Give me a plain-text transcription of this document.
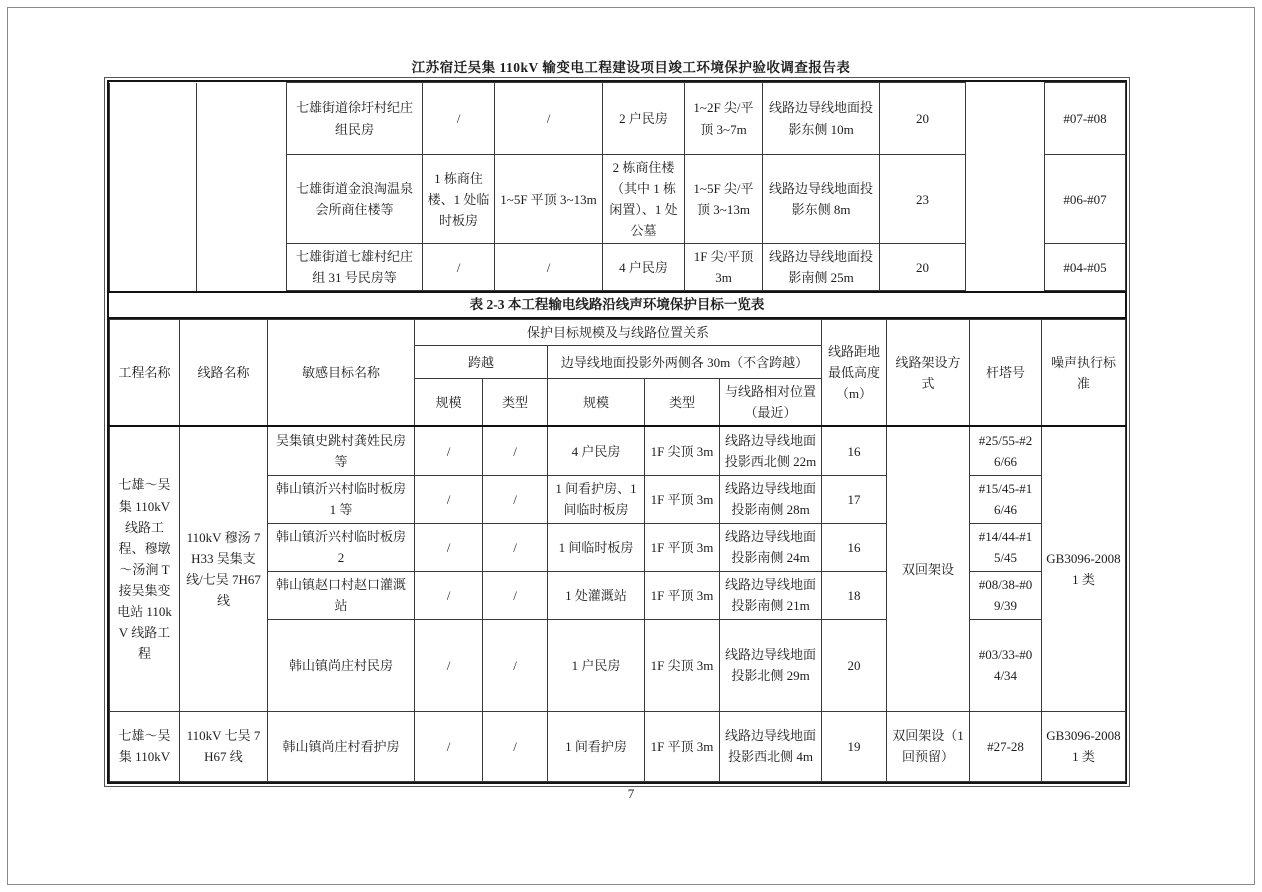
江苏宿迁吴集 110kV 输变电工程建设项目竣工环境保护验收调查报告表
		七雄街道徐圩村纪庄组民房	/	/	2 户民房	1~2F 尖/平顶 3~7m	线路边导线地面投影东侧 10m	20		#07-#08
		七雄街道金浪淘温泉会所商住楼等	1 栋商住楼、1 处临时板房	1~5F 平顶 3~13m	2 栋商住楼（其中 1 栋闲置）、1 处公墓	1~5F 尖/平顶 3~13m	线路边导线地面投影东侧 8m	23		#06-#07
		七雄街道七雄村纪庄组 31 号民房等	/	/	4 户民房	1F 尖/平顶 3m	线路边导线地面投影南侧 25m	20		#04-#05
表 2-3 本工程输电线路沿线声环境保护目标一览表
工程名称	线路名称	敏感目标名称	保护目标规模及与线路位置关系					线路距地最低高度（m）	线路架设方式	杆塔号	噪声执行标准
			跨越		边导线地面投影外两侧各 30m（不含跨越）						
			规模	类型	规模	类型	与线路相对位置（最近）				
七雄～吴集 110kV 线路工程、穆墩～汤涧 T 接吴集变电站 110kV 线路工程	110kV 穆汤 7H33 吴集支线/七吴 7H67 线	吴集镇史跳村龚姓民房等	/	/	4 户民房	1F 尖顶 3m	线路边导线地面投影西北侧 22m	16	双回架设	#25/55-#26/66	GB3096-2008 1 类
		韩山镇沂兴村临时板房 1 等	/	/	1 间看护房、1 间临时板房	1F 平顶 3m	线路边导线地面投影南侧 28m	17		#15/45-#16/46	
		韩山镇沂兴村临时板房 2	/	/	1 间临时板房	1F 平顶 3m	线路边导线地面投影南侧 24m	16		#14/44-#15/45	
		韩山镇赵口村赵口灌溉站	/	/	1 处灌溉站	1F 平顶 3m	线路边导线地面投影南侧 21m	18		#08/38-#09/39	
		韩山镇尚庄村民房	/	/	1 户民房	1F 尖顶 3m	线路边导线地面投影北侧 29m	20		#03/33-#04/34	
七雄～吴 集 110kV	110kV 七吴 7H67 线	韩山镇尚庄村看护房	/	/	1 间看护房	1F 平顶 3m	线路边导线地面投影西北侧 4m	19	双回架设（1 回预留）	#27-28	GB3096-2008 1 类
7
